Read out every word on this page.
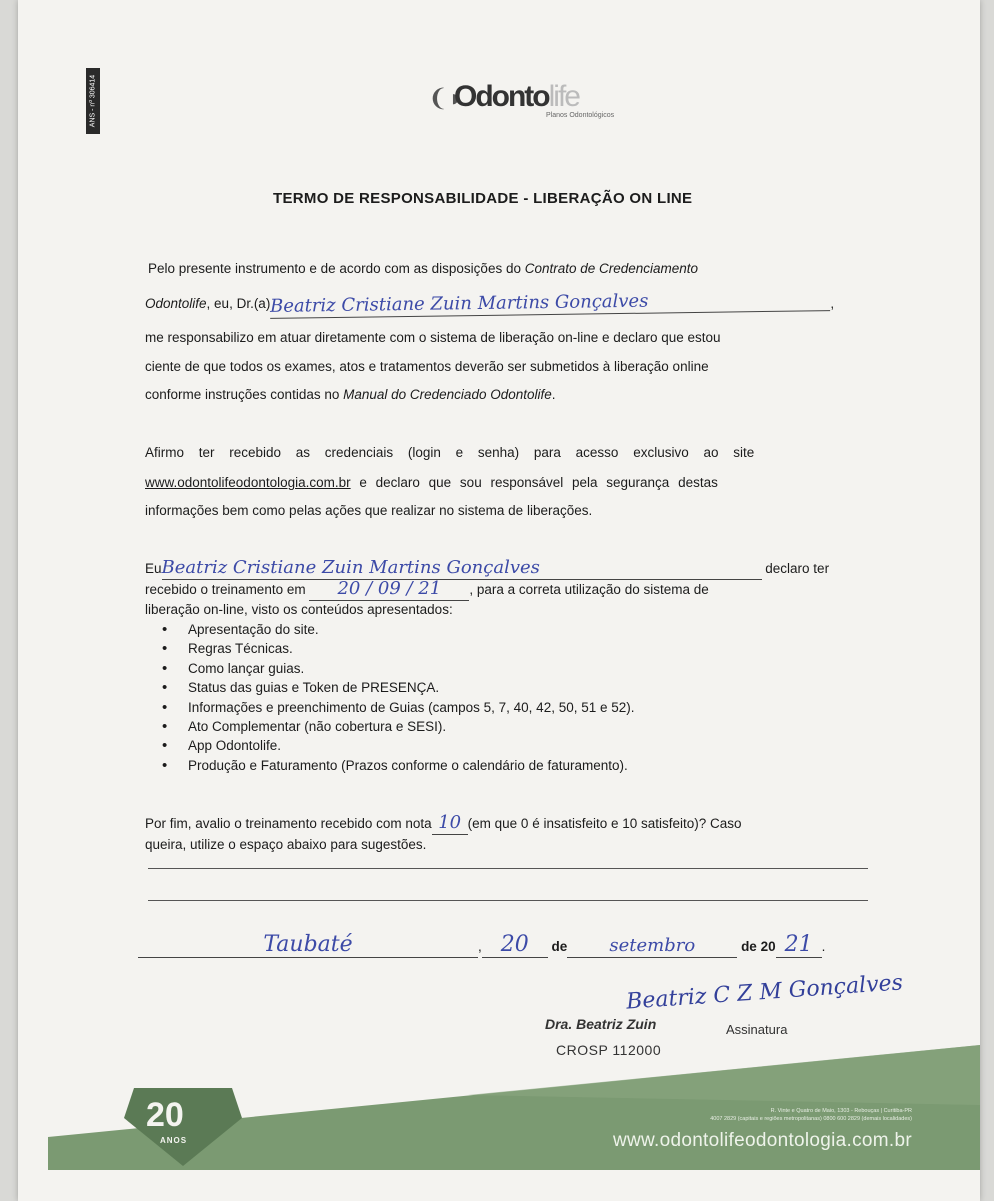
ANS - nº 306414	❨◗
Odontolife
Planos Odontológicos
TERMO DE RESPONSABILIDADE - LIBERAÇÃO ON LINE
Pelo presente instrumento e de acordo com as disposições do Contrato de Credenciamento
Odontolife, eu, Dr.(a)Beatriz Cristiane Zuin Martins Gonçalves	,
me responsabilizo em atuar diretamente com o sistema de liberação on-line e declaro que estou
ciente de que todos os exames, atos e tratamentos deverão ser submetidos à liberação online
conforme instruções contidas no Manual do Credenciado Odontolife.
Afirmo ter recebido as credenciais (login e senha) para acesso exclusivo ao site
www.odontolifeodontologia.com.br e declaro que sou responsável pela segurança destas
informações bem como pelas ações que realizar no sistema de liberações.
EuBeatriz Cristiane Zuin Martins Gonçalves	declaro ter
recebido o treinamento em 20 / 09 / 21 , para a correta utilização do sistema de
liberação on-line, visto os conteúdos apresentados:
• Apresentação do site.
• Regras Técnicas.
• Como lançar guias.
• Status das guias e Token de PRESENÇA.
• Informações e preenchimento de Guias (campos 5, 7, 40, 42, 50, 51 e 52).
• Ato Complementar (não cobertura e SESI).
• App Odontolife.
• Produção e Faturamento (Prazos conforme o calendário de faturamento).
Por fim, avalio o treinamento recebido com nota 10 (em que 0 é insatisfeito e 10 satisfeito)? Caso
queira, utilize o espaço abaixo para sugestões.
Taubaté	, 20 de setembro	de 20 21 .
Beatriz C Z M Gonçalves
Assinatura
Dra. Beatriz Zuin
CROSP 112000
R. Vinte e Quatro de Maio, 1303 - Rebouças | Curitiba-PR
4007 2829 (capitais e regiões metropolitanas) 0800 600 2829 (demais localidades)
www.odontolifeodontologia.com.br
20
ANOS
